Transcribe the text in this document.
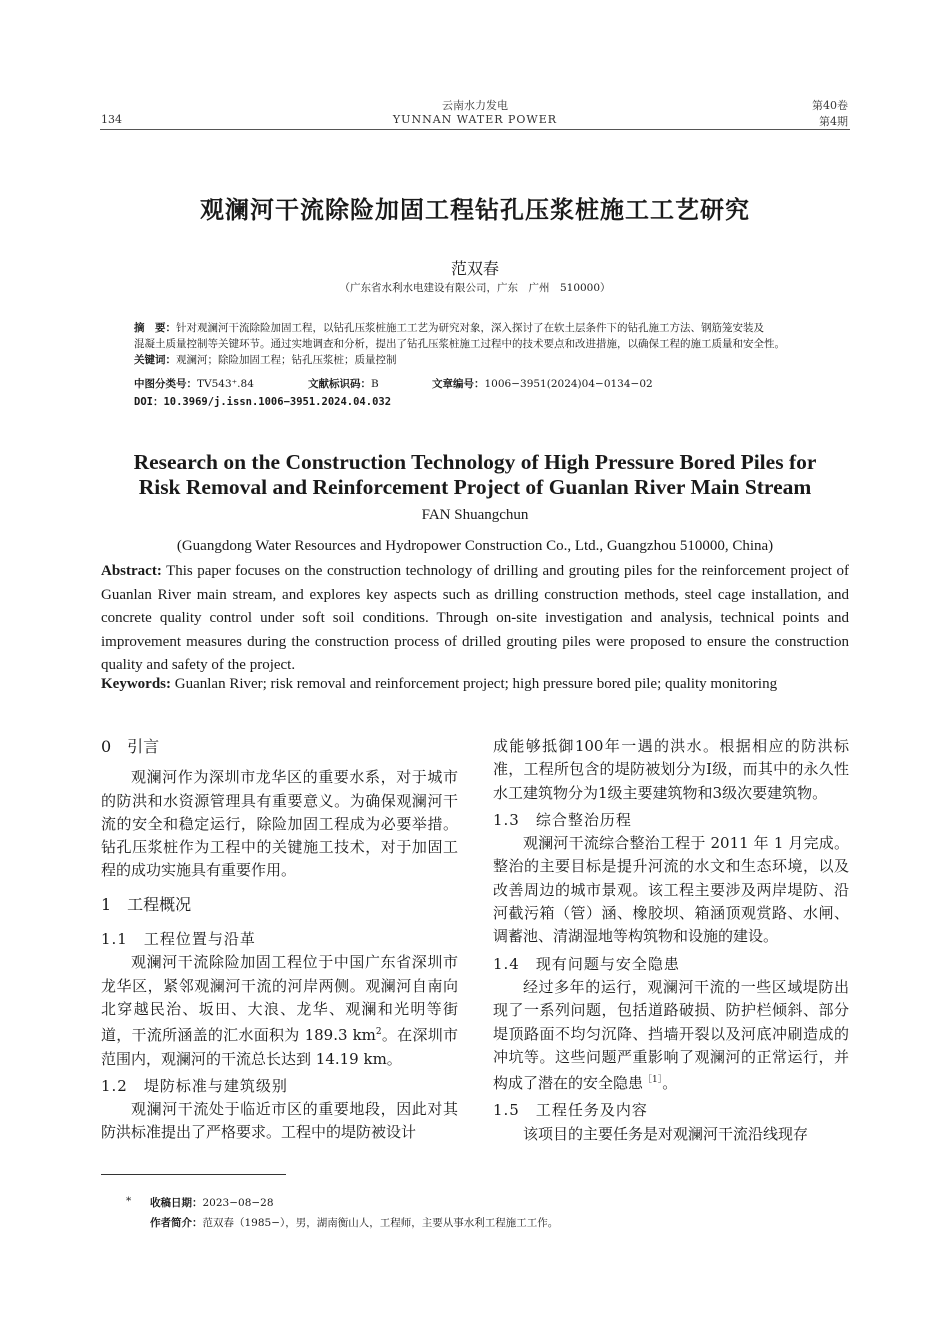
134
云南水力发电
YUNNAN WATER POWER
第40卷
第4期
观澜河干流除险加固工程钻孔压浆桩施工工艺研究
范双春
（广东省水利水电建设有限公司，广东　广州　510000）
摘　要：针对观澜河干流除险加固工程，以钻孔压浆桩施工工艺为研究对象，深入探讨了在软土层条件下的钻孔施工方法、钢筋笼安装及
混凝土质量控制等关键环节。通过实地调查和分析，提出了钻孔压浆桩施工过程中的技术要点和改进措施，以确保工程的施工质量和安全性。
关键词：观澜河；除险加固工程；钻孔压浆桩；质量控制
中图分类号：TV543⁺.84	文献标识码：B	文章编号：1006−3951(2024)04−0134−02
DOI：10.3969/j.issn.1006−3951.2024.04.032
Research on the Construction Technology of High Pressure Bored Piles for
Risk Removal and Reinforcement Project of Guanlan River Main Stream
FAN Shuangchun
(Guangdong Water Resources and Hydropower Construction Co., Ltd., Guangzhou 510000, China)
Abstract: This paper focuses on the construction technology of drilling and grouting piles for the reinforcement project of Guanlan River main stream, and explores key aspects such as drilling construction methods, steel cage installation, and concrete quality control under soft soil conditions. Through on-site investigation and analysis, technical points and improvement measures during the construction process of drilled grouting piles were proposed to ensure the construction quality and safety of the project.
Keywords: Guanlan River; risk removal and reinforcement project; high pressure bored pile; quality monitoring

0　引言

观澜河作为深圳市龙华区的重要水系，对于城市的防洪和水资源管理具有重要意义。为确保观澜河干流的安全和稳定运行，除险加固工程成为必要举措。钻孔压浆桩作为工程中的关键施工技术，对于加固工程的成功实施具有重要作用。

1　工程概况

1.1　工程位置与沿革

观澜河干流除险加固工程位于中国广东省深圳市龙华区，紧邻观澜河干流的河岸两侧。观澜河自南向北穿越民治、坂田、大浪、龙华、观澜和光明等街道，干流所涵盖的汇水面积为 189.3 $km^2$。在深圳市范围内，观澜河的干流总长达到 14.19 km。

1.2　堤防标准与建筑级别

观澜河干流处于临近市区的重要地段，因此对其防洪标准提出了严格要求。工程中的堤防被设计

成能够抵御100年一遇的洪水。根据相应的防洪标准，工程所包含的堤防被划分为Ⅰ级，而其中的永久性水工建筑物分为1级主要建筑物和3级次要建筑物。

1.3　综合整治历程

观澜河干流综合整治工程于 2011 年 1 月完成。整治的主要目标是提升河流的水文和生态环境，以及改善周边的城市景观。该工程主要涉及两岸堤防、沿河截污箱（管）涵、橡胶坝、箱涵顶观赏路、水闸、调蓄池、清湖湿地等构筑物和设施的建设。

1.4　现有问题与安全隐患

经过多年的运行，观澜河干流的一些区域堤防出现了一系列问题，包括道路破损、防护栏倾斜、部分堤顶路面不均匀沉降、挡墙开裂以及河底冲刷造成的冲坑等。这些问题严重影响了观澜河的正常运行，并构成了潜在的安全隐患$^{[1]}$。

1.5　工程任务及内容

该项目的主要任务是对观澜河干流沿线现存

* 收稿日期：2023−08−28
作者简介：范双春（1985−），男，湖南衡山人，工程师，主要从事水利工程施工工作。
